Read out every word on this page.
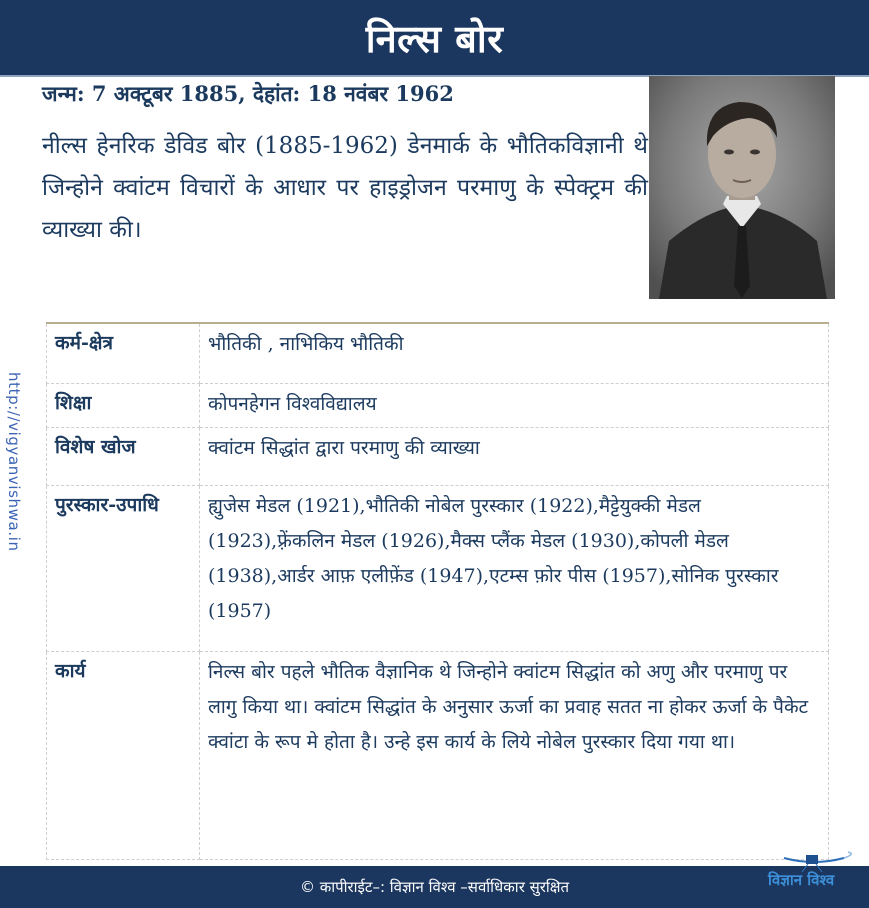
निल्स बोर
जन्म: 7 अक्टूबर 1885, देहांत: 18 नवंबर 1962
नील्स हेनरिक डेविड बोर (1885-1962) डेनमार्क के भौतिकविज्ञानी थे जिन्होने क्वांटम विचारों के आधार पर हाइड्रोजन परमाणु के स्पेक्ट्रम की व्याख्या की।
http://vigyanvishwa.in
कर्म-क्षेत्र	भौतिकी , नाभिकिय भौतिकी
शिक्षा	कोपनहेगन विश्वविद्यालय
विशेष खोज	क्वांटम सिद्धांत द्वारा परमाणु की व्याख्या
पुरस्कार-उपाधि	ह्युजेस मेडल (1921),भौतिकी नोबेल पुरस्कार (1922),मैट्टेयुक्की मेडल (1923),फ़्रेंकलिन मेडल (1926),मैक्स प्लैंक मेडल (1930),कोपली मेडल (1938),आर्डर आफ़ एलीफ़ेंड (1947),एटम्स फ़ोर पीस (1957),सोनिक पुरस्कार (1957)
कार्य	निल्स बोर पहले भौतिक वैज्ञानिक थे जिन्होने क्वांटम सिद्धांत को अणु और परमाणु पर लागु किया था। क्वांटम सिद्धांत के अनुसार ऊर्जा का प्रवाह सतत ना होकर ऊर्जा के पैकेट क्वांटा के रूप मे होता है। उन्हे इस कार्य के लिये नोबेल पुरस्कार दिया गया था।
© कापीराईट–: विज्ञान विश्व –सर्वाधिकार सुरक्षित	विज्ञान विश्व
